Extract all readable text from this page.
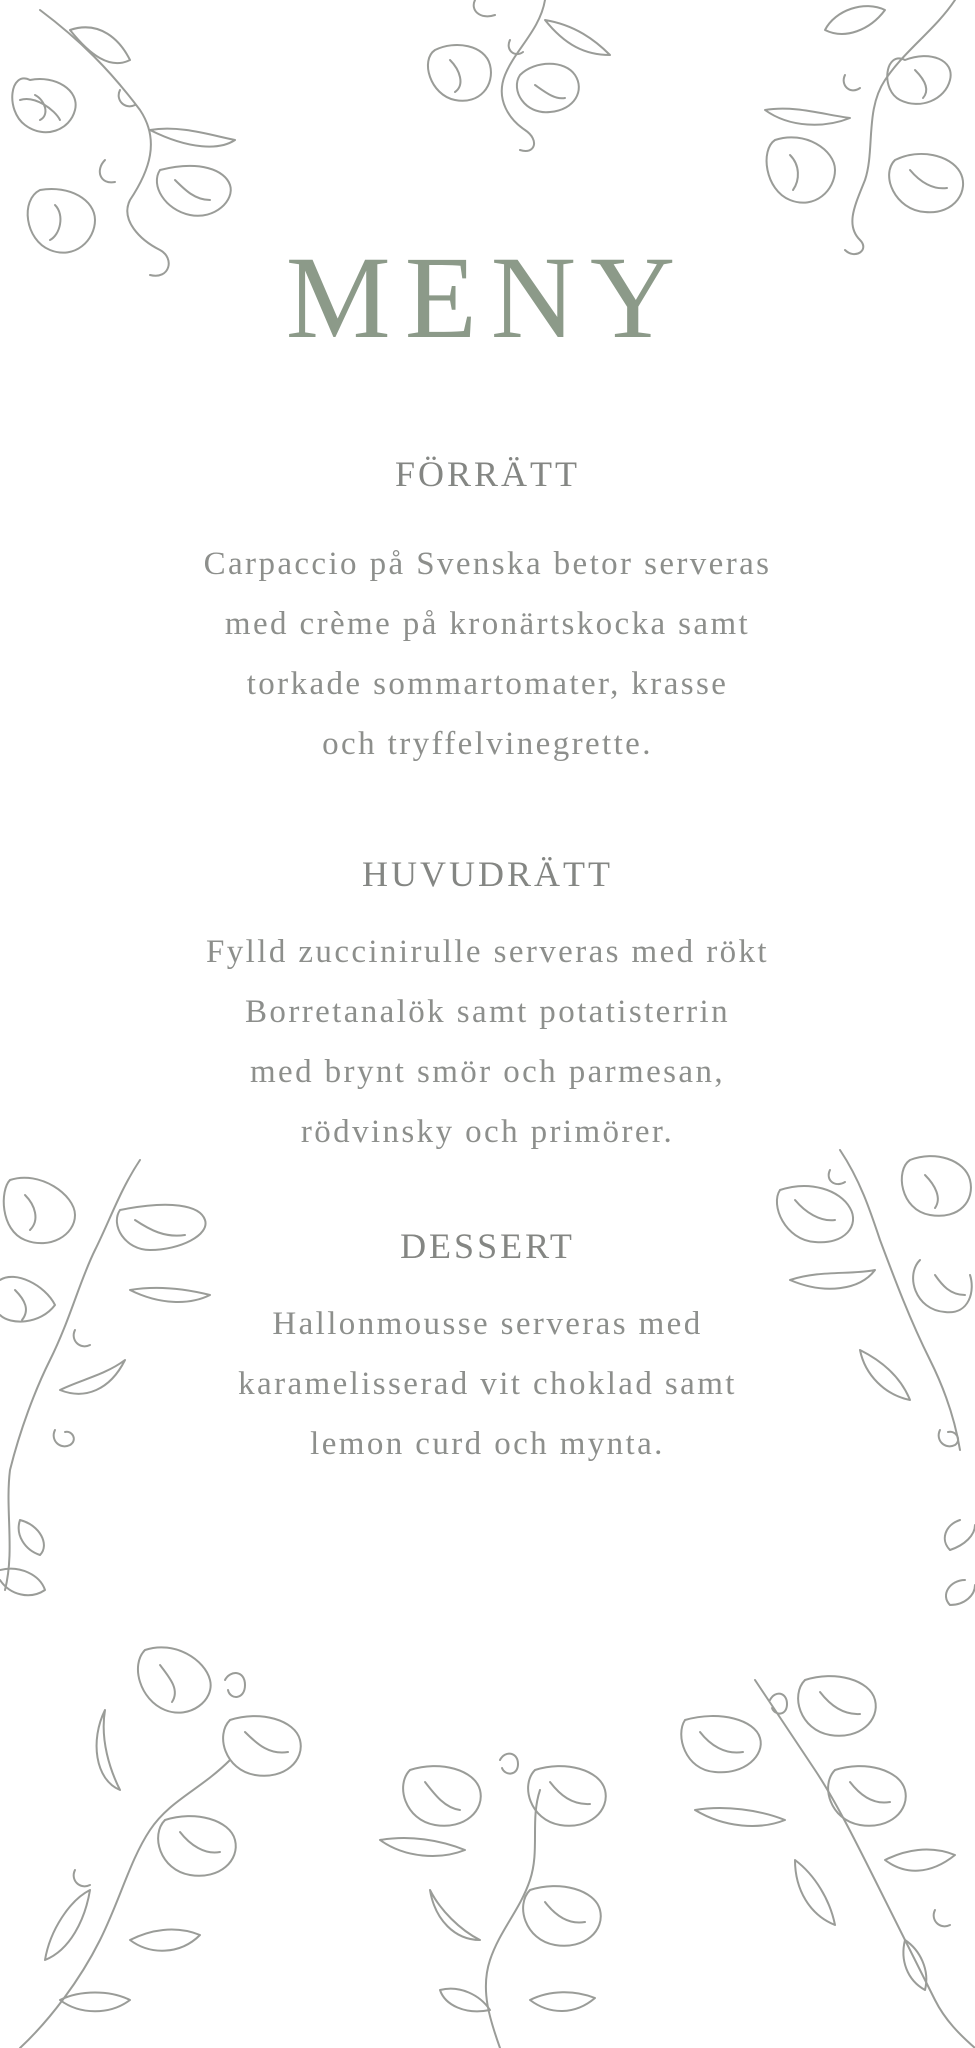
MENY
FÖRRÄTT
Carpaccio på Svenska betor serveras
med crème på kronärtskocka samt
torkade sommartomater, krasse
och tryffelvinegrette.
HUVUDRÄTT
Fylld zuccinirulle serveras med rökt
Borretanalök samt potatisterrin
med brynt smör och parmesan,
rödvinsky och primörer.
DESSERT
Hallonmousse serveras med
karamelisserad vit choklad samt
lemon curd och mynta.
